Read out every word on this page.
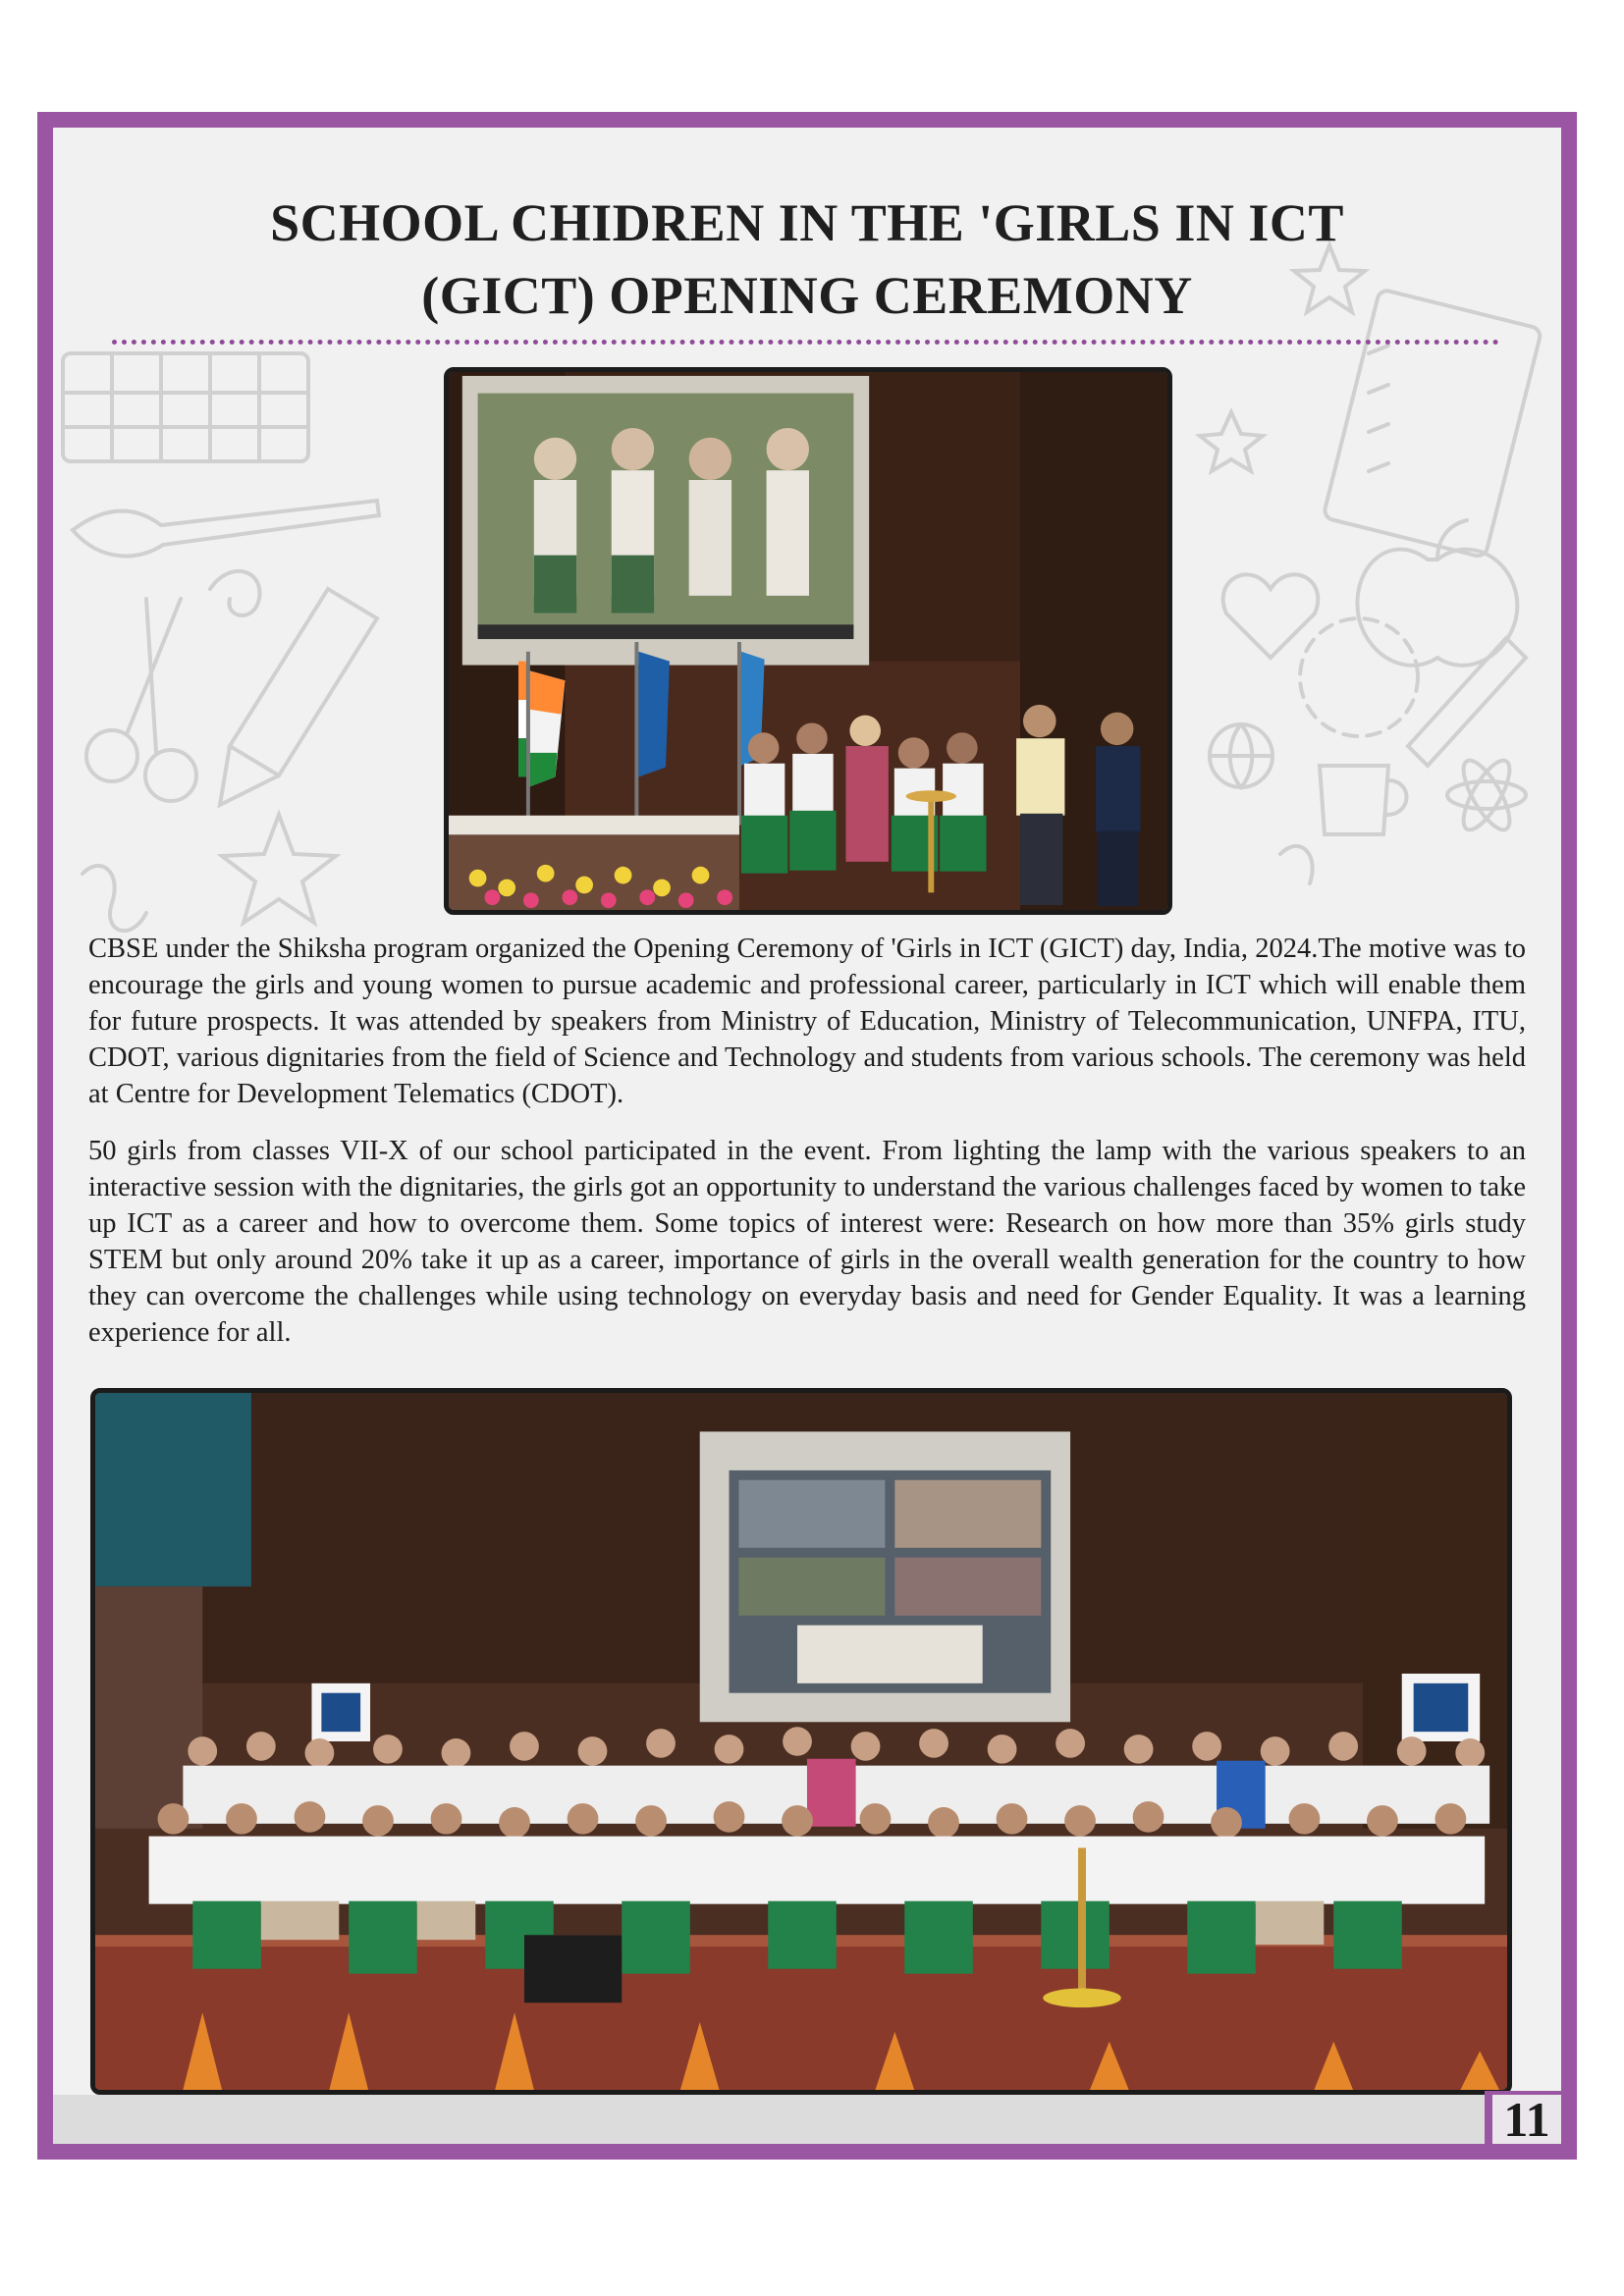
SCHOOL CHIDREN IN THE 'GIRLS IN ICT
(GICT) OPENING CEREMONY

CBSE under the Shiksha program organized the Opening Ceremony of 'Girls in ICT (GICT) day, India, 2024.The motive was to encourage the girls and young women to pursue academic and professional career, particularly in ICT which will enable them for future prospects. It was attended by speakers from Ministry of Education, Ministry of Telecommunication, UNFPA, ITU, CDOT, various dignitaries from the field of Science and Technology and students from various schools. The ceremony was held at Centre for Development Telematics (CDOT).

50 girls from classes VII-X of our school participated in the event. From lighting the lamp with the various speakers to an interactive session with the dignitaries, the girls got an opportunity to understand the various challenges faced by women to take up ICT as a career and how to overcome them. Some topics of interest were: Research on how more than 35% girls study STEM but only around 20% take it up as a career, importance of girls in the overall wealth generation for the country to how they can overcome the challenges while using technology on everyday basis and need for Gender Equality. It was a learning experience for all.

11
